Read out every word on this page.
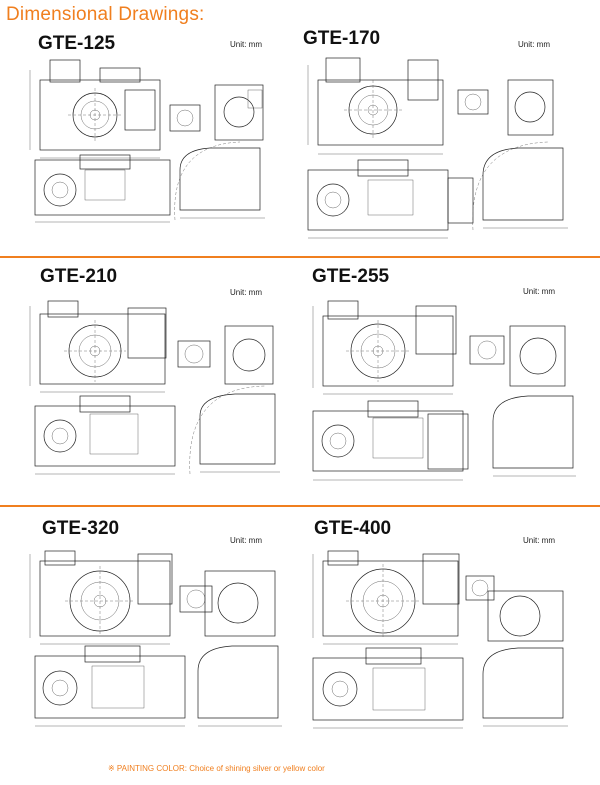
Dimensional Drawings:
GTE-125	Unit: mm GTE-170	Unit: mm
GTE-210
Unit: mm
GTE-255
Unit: mm
GTE-320
Unit: mm
GTE-400
Unit: mm
※ PAINTING COLOR: Choice of shining silver or yellow color
